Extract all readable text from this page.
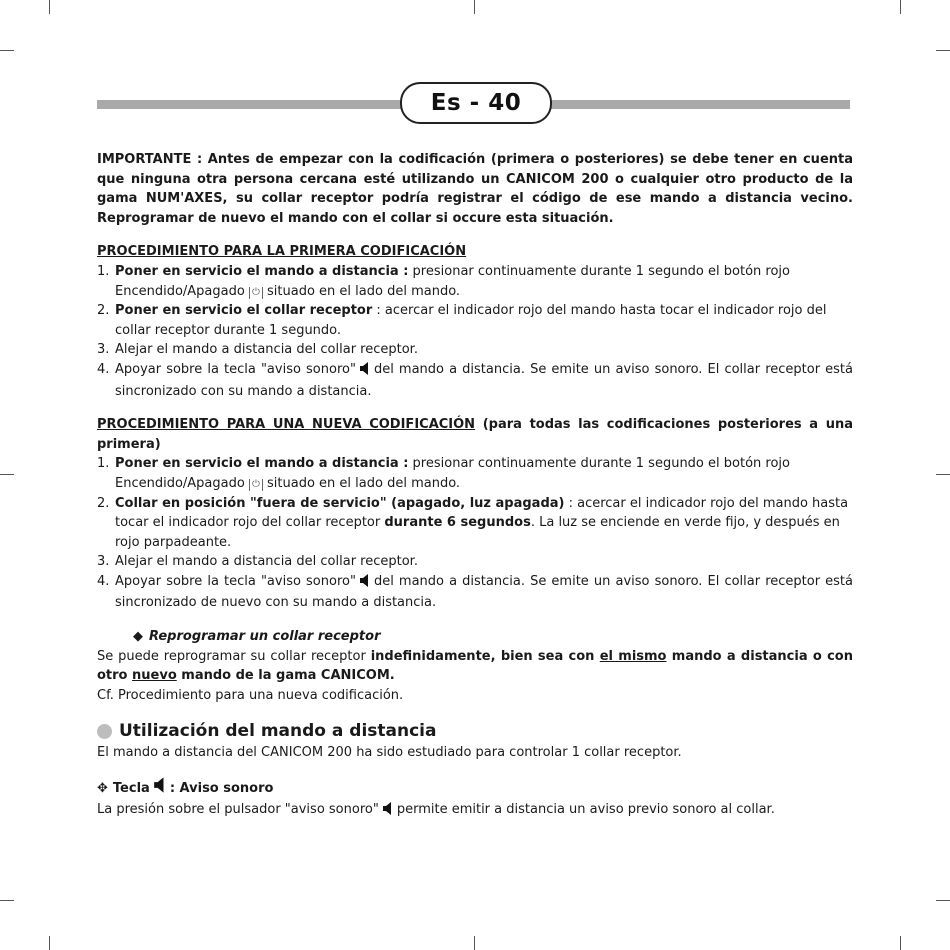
Es - 40

IMPORTANTE : Antes de empezar con la codificación (primera o posteriores) se debe tener en cuenta que ninguna otra persona cercana esté utilizando un CANICOM 200 o cualquier otro producto de la gama NUM'AXES, su collar receptor podría registrar el código de ese mando a distancia vecino. Reprogramar de nuevo el mando con el collar si occure esta situación.

PROCEDIMIENTO PARA LA PRIMERA CODIFICACIÓN
1. Poner en servicio el mando a distancia : presionar continuamente durante 1 segundo el botón rojo Encendido/Apagado ⏻ situado en el lado del mando.
2. Poner en servicio el collar receptor : acercar el indicador rojo del mando hasta tocar el indicador rojo del collar receptor durante 1 segundo.
3. Alejar el mando a distancia del collar receptor.
4. Apoyar sobre la tecla "aviso sonoro" del mando a distancia. Se emite un aviso sonoro. El collar receptor está sincronizado con su mando a distancia.
PROCEDIMIENTO PARA UNA NUEVA CODIFICACIÓN (para todas las codificaciones posteriores a una primera)
1. Poner en servicio el mando a distancia : presionar continuamente durante 1 segundo el botón rojo Encendido/Apagado ⏻ situado en el lado del mando.
2. Collar en posición "fuera de servicio" (apagado, luz apagada) : acercar el indicador rojo del mando hasta tocar el indicador rojo del collar receptor durante 6 segundos. La luz se enciende en verde fijo, y después en rojo parpadeante.
3. Alejar el mando a distancia del collar receptor.
4. Apoyar sobre la tecla "aviso sonoro" del mando a distancia. Se emite un aviso sonoro. El collar receptor está sincronizado de nuevo con su mando a distancia.
◆ Reprogramar un collar receptor
Se puede reprogramar su collar receptor indefinidamente, bien sea con el mismo mando a distancia o con otro nuevo mando de la gama CANICOM.
Cf. Procedimiento para una nueva codificación.
Utilización del mando a distancia
El mando a distancia del CANICOM 200 ha sido estudiado para controlar 1 collar receptor.
✥ Tecla : Aviso sonoro
La presión sobre el pulsador "aviso sonoro" permite emitir a distancia un aviso previo sonoro al collar.
